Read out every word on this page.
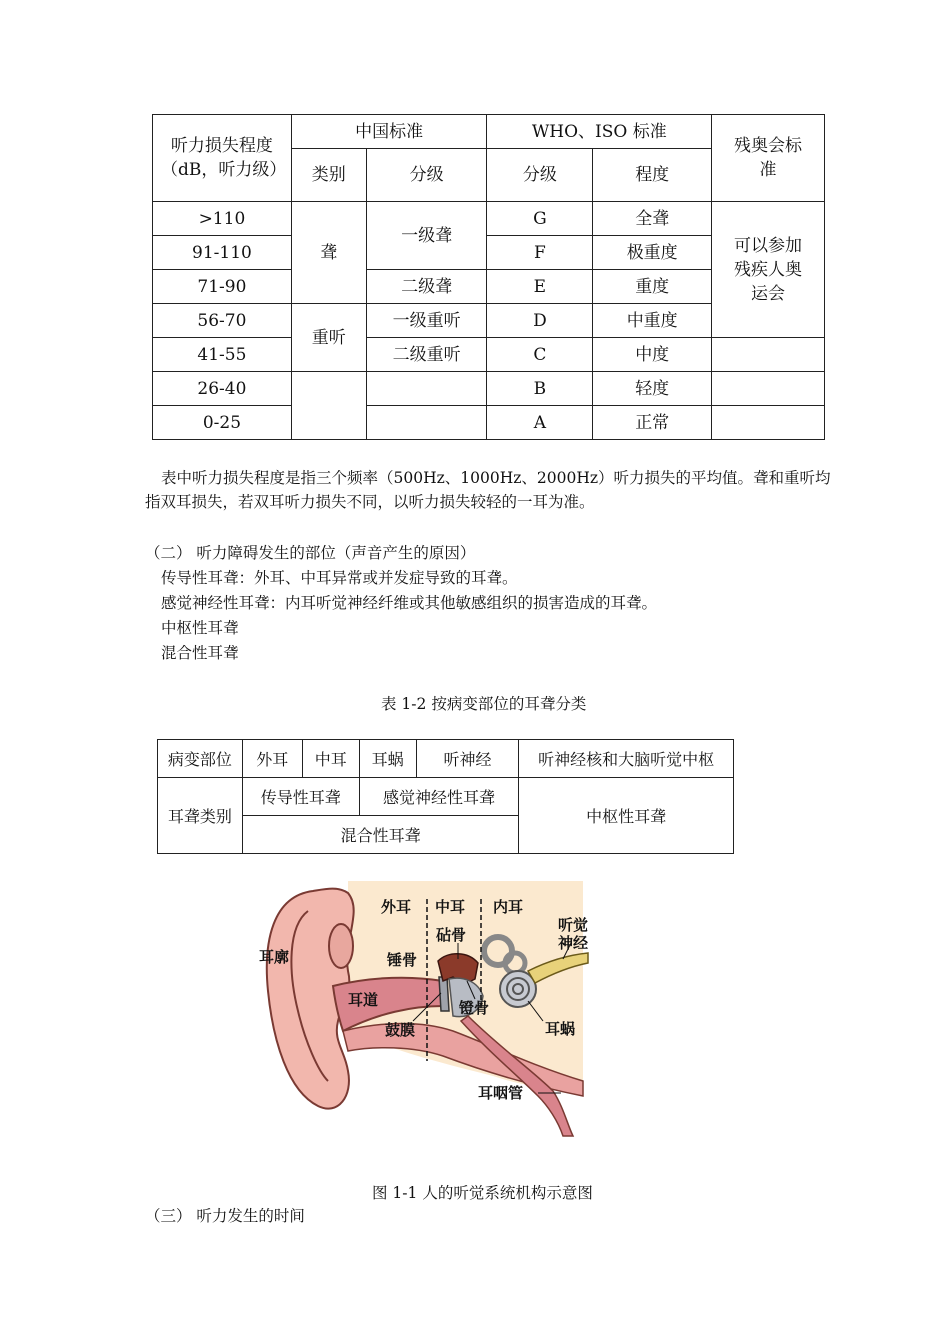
听力损失程度（dB，听力级）	中国标准		WHO、ISO 标准		残奥会标准
	类别	分级	分级	程度	
>110	聋	一级聋	G	全聋	可以参加残疾人奥运会
91-110			F	极重度	
71-90		二级聋	E	重度	
56-70	重听	一级重听	D	中重度	
41-55		二级重听	C	中度	
26-40			B	轻度	
0-25			A	正常	

表中听力损失程度是指三个频率（500Hz、1000Hz、2000Hz）听力损失的平均值。聋和重听均指双耳损失，若双耳听力损失不同，以听力损失较轻的一耳为准。

（二） 听力障碍发生的部位（声音产生的原因）
传导性耳聋：外耳、中耳异常或并发症导致的耳聋。
感觉神经性耳聋：内耳听觉神经纤维或其他敏感组织的损害造成的耳聋。
中枢性耳聋
混合性耳聋
表 1-2 按病变部位的耳聋分类
病变部位	外耳	中耳	耳蜗	听神经	听神经核和大脑听觉中枢
耳聋类别	传导性耳聋		感觉神经性耳聋		中枢性耳聋
	混合性耳聋				
外耳 中耳 内耳
耳廓
砧骨
锤骨
听觉
神经
耳道
鼓膜
镫骨
耳蜗
耳咽管
图 1-1 人的听觉系统机构示意图
（三） 听力发生的时间
